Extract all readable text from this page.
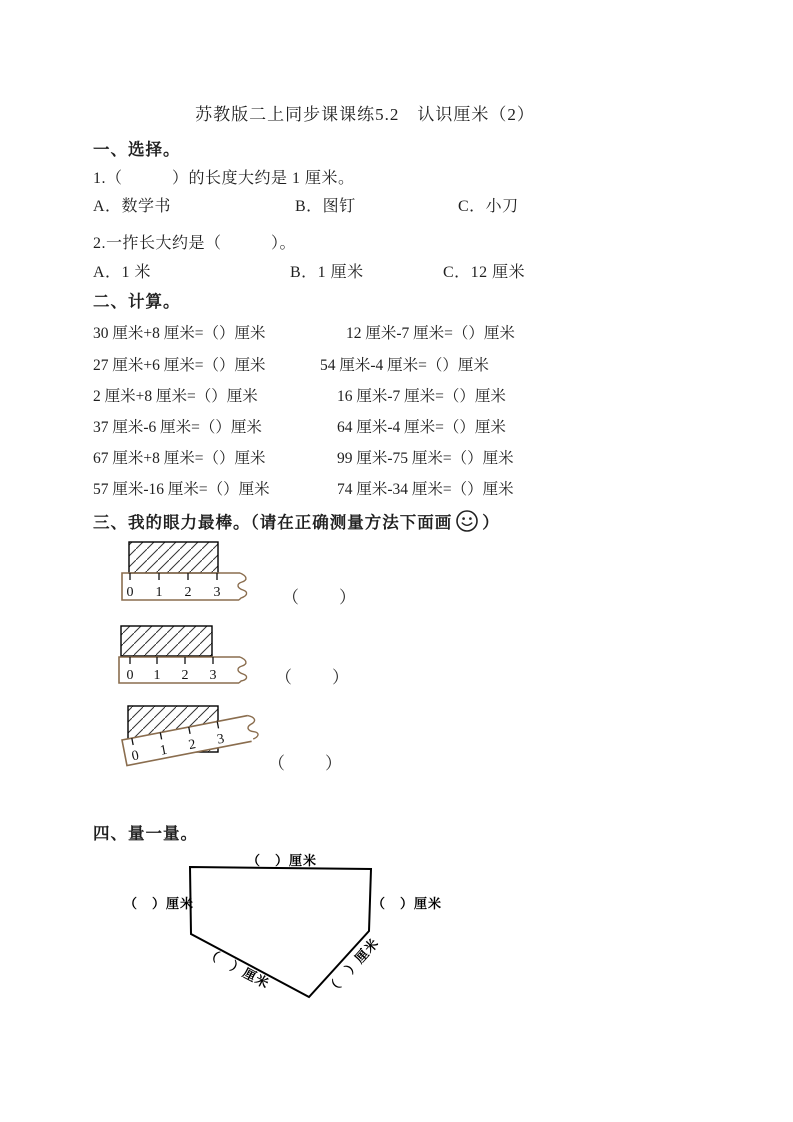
苏教版二上同步课课练5.2　认识厘米（2）
一、选择。
1.（　　　）的长度大约是 1 厘米。
A．数学书	B．图钉	C．小刀
2.一拃长大约是（　　　）。
A．1 米	B．1 厘米	C．12 厘米
二、计算。
30 厘米+8 厘米=（）厘米	12 厘米-7 厘米=（）厘米
27 厘米+6 厘米=（）厘米	54 厘米-4 厘米=（）厘米
2 厘米+8 厘米=（）厘米	16 厘米-7 厘米=（）厘米
37 厘米-6 厘米=（）厘米	64 厘米-4 厘米=（）厘米
67 厘米+8 厘米=（）厘米	99 厘米-75 厘米=（）厘米
57 厘米-16 厘米=（）厘米	74 厘米-34 厘米=（）厘米
三、我的眼力最棒。（请在正确测量方法下面画 ）
0 1 2 3	（　　）
0 1 2 3	（　　）
0 1 2 3
（　　）
四、量一量。
（　）厘米
（　）厘米	（　）厘米
（　）厘米	（　）厘米
